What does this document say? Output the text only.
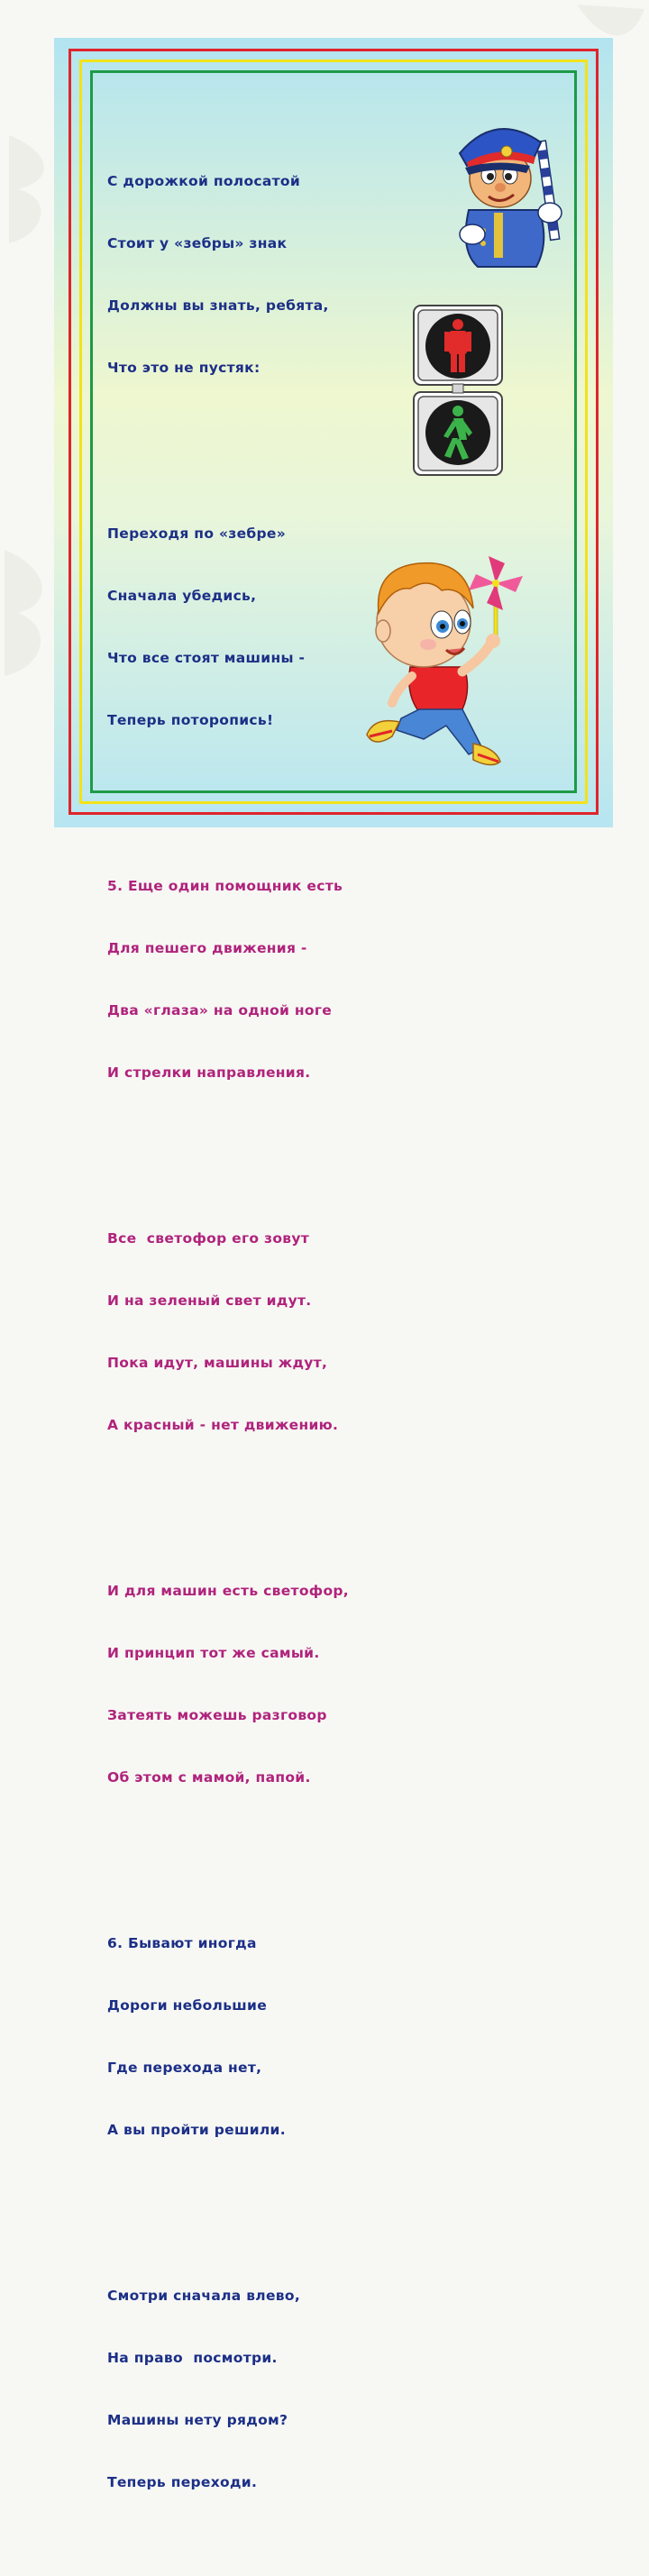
С дорожкой полосатой

Стоит у «зебры» знак

Должны вы знать, ребята,

Что это не пустяк:

Переходя по «зебре»

Сначала убедись,

Что все стоят машины -

Теперь поторопись!

5. Еще один помощник есть

Для пешего движения -

Два «глаза» на одной ноге

И стрелки направления.

Все  светофор его зовут

И на зеленый свет идут.

Пока идут, машины ждут,

А красный - нет движению.

И для машин есть светофор,

И принцип тот же самый.

Затеять можешь разговор

Об этом с мамой, папой.

6. Бывают иногда

Дороги небольшие

Где перехода нет,

А вы пройти решили.

Смотри сначала влево,

На право  посмотри.

Машины нету рядом?

Теперь переходи.
